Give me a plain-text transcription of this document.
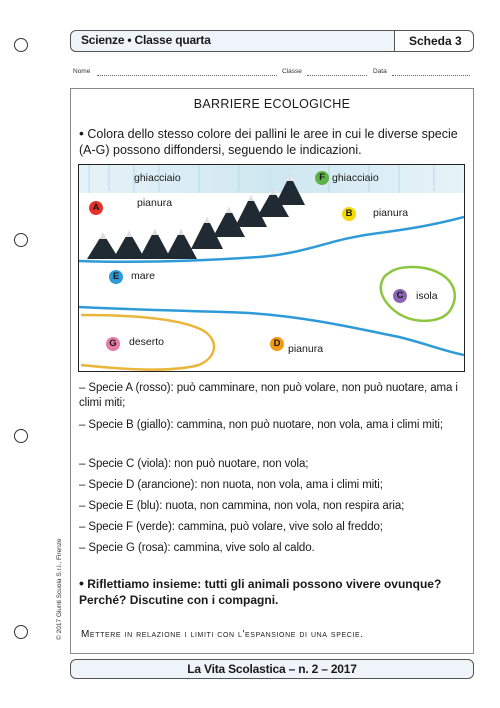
Scienze • Classe quarta	Scheda 3
Nome	Classe	Data
BARRIERE ECOLOGICHE
• Colora dello stesso colore dei pallini le aree in cui le diverse specie (A-G) possono diffondersi, seguendo le indicazioni.
ghiacciaio	ghiacciaio
pianura
pianura
mare
isola
deserto
pianura
A
B
C
D
E
F
G
– Specie A (rosso): può camminare, non può volare, non può nuotare, ama i climi miti;
– Specie B (giallo): cammina, non può nuotare, non vola, ama i climi miti;
– Specie C (viola): non può nuotare, non vola;
– Specie D (arancione): non nuota, non vola, ama i climi miti;
– Specie E (blu): nuota, non cammina, non vola, non respira aria;
– Specie F (verde): cammina, può volare, vive solo al freddo;
– Specie G (rosa): cammina, vive solo al caldo.
• Riflettiamo insieme: tutti gli animali possono vivere ovunque? Perché? Discutine con i compagni.
Mettere in relazione i limiti con l'espansione di una specie.
© 2017 Giunti Scuola S.r.l., Firenze
La Vita Scolastica – n. 2 – 2017
